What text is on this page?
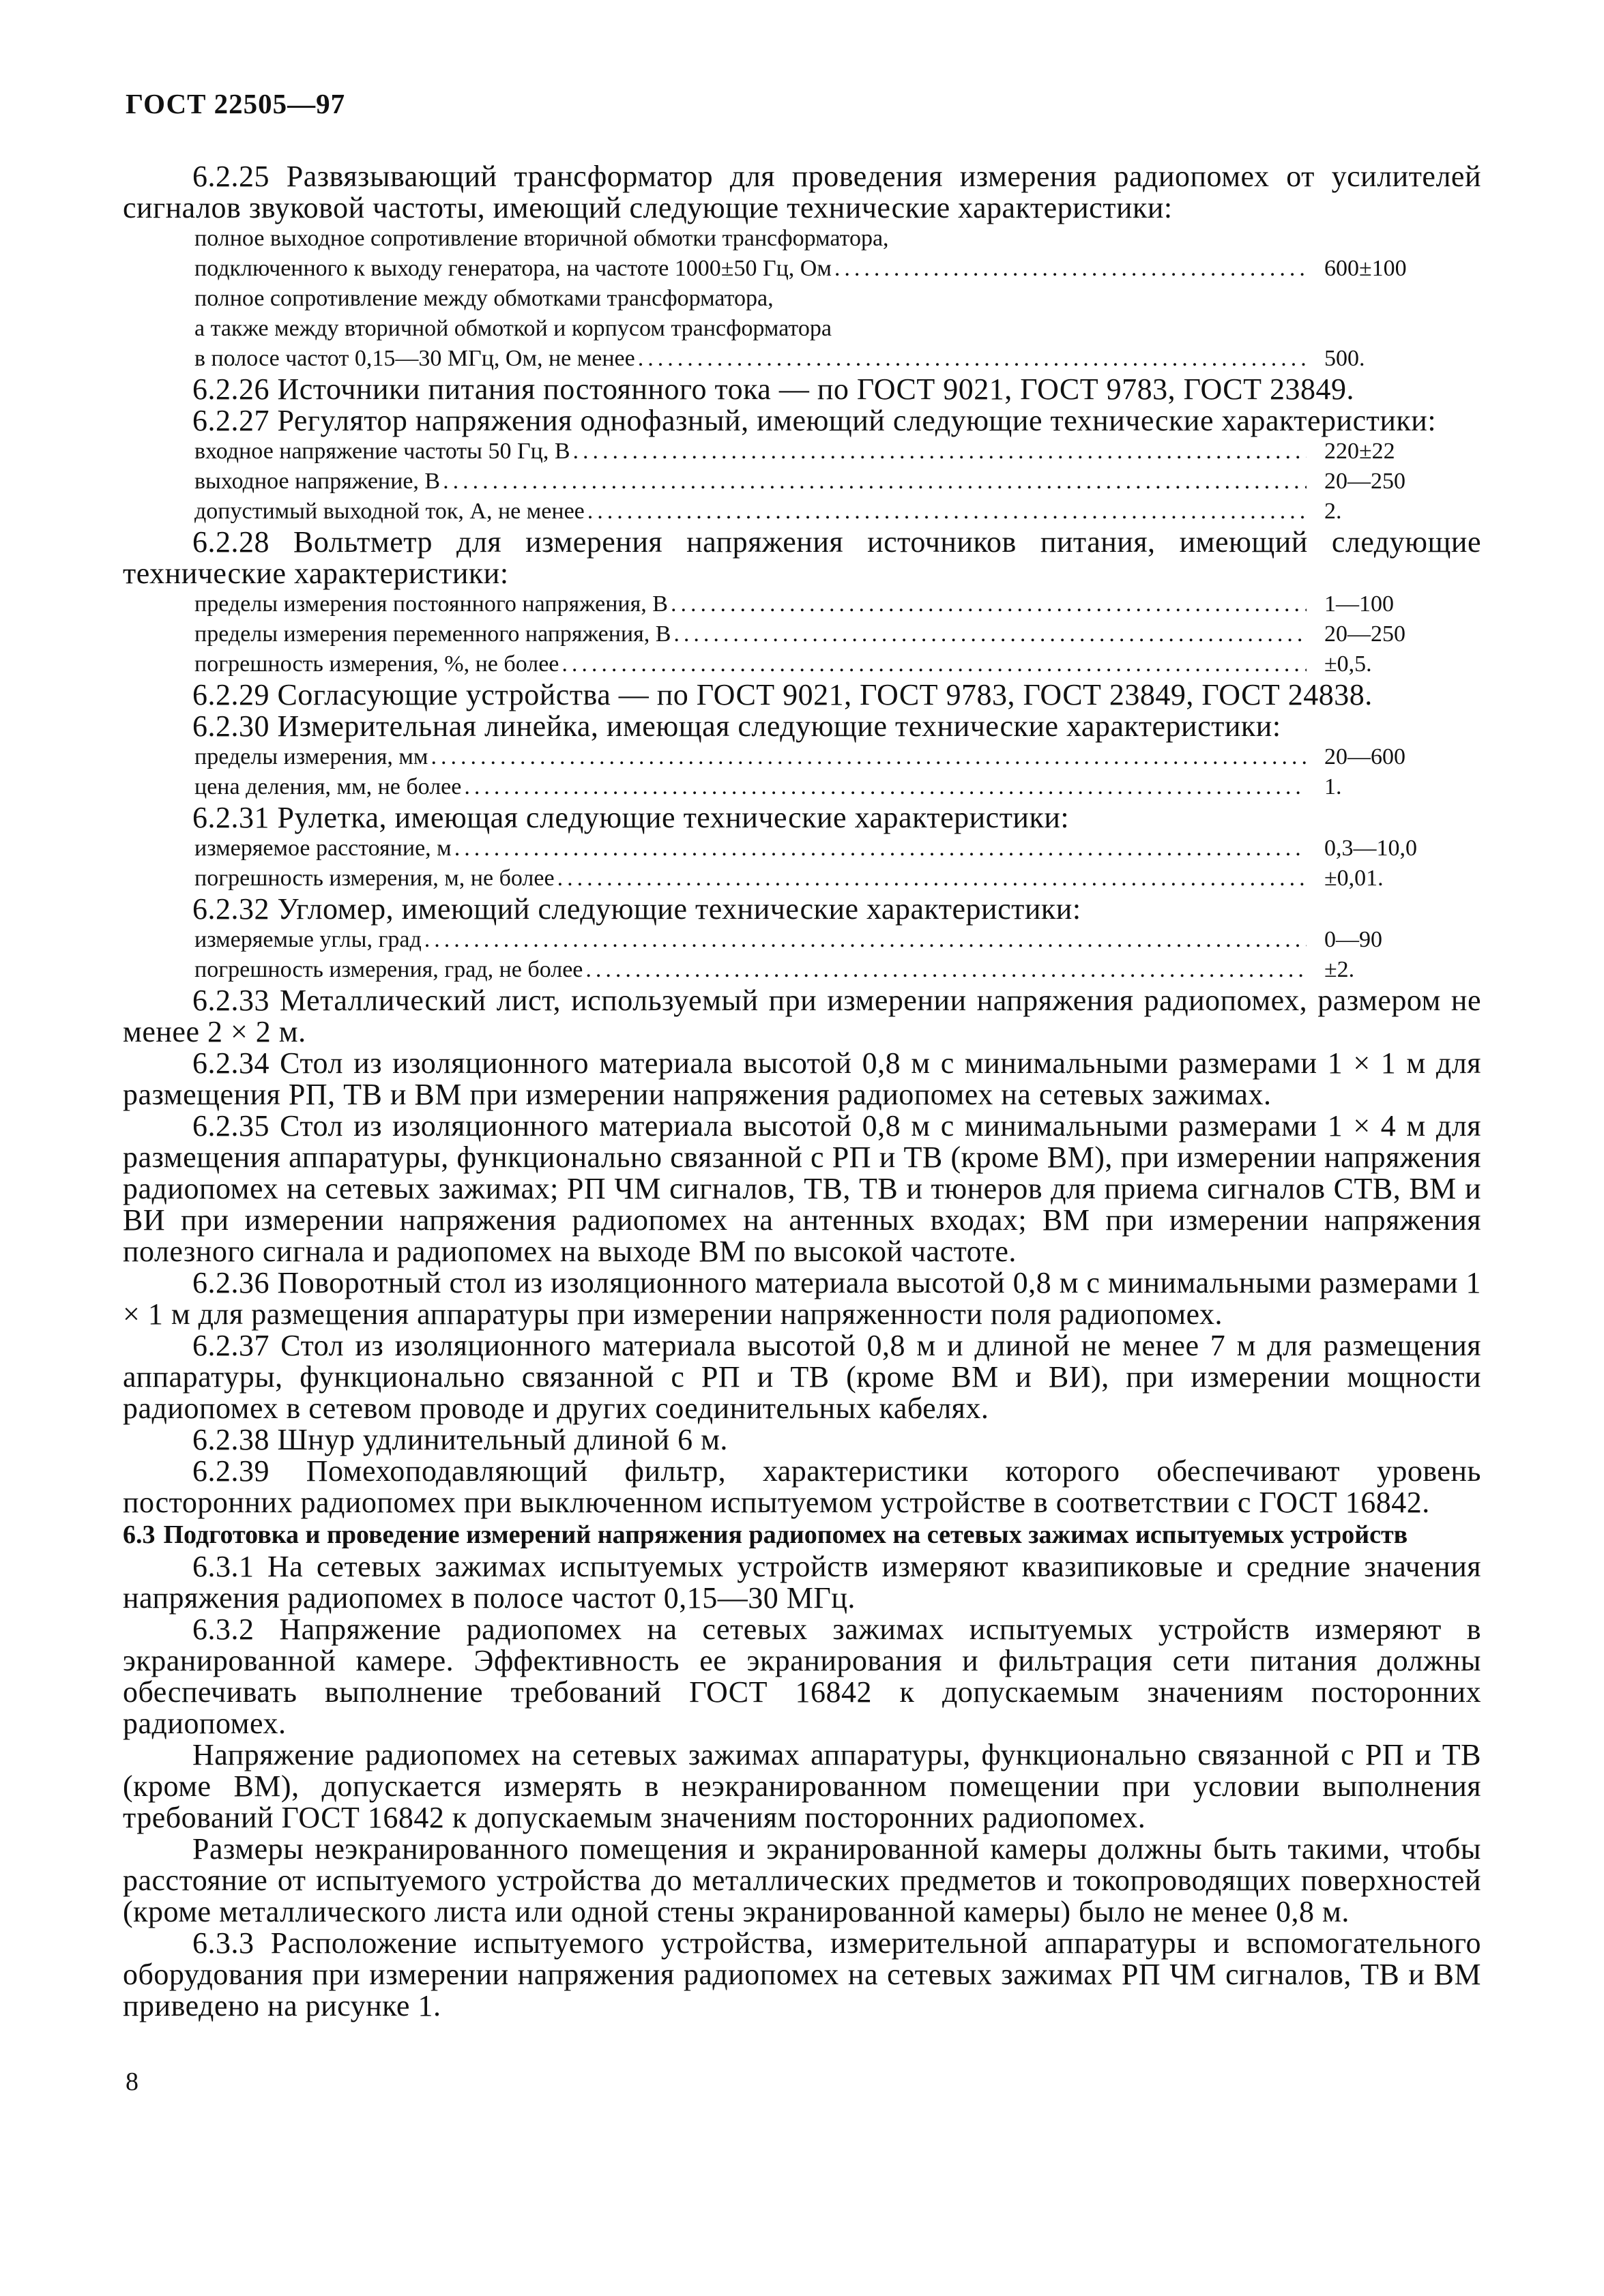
ГОСТ 22505—97

6.2.25 Развязывающий трансформатор для проведения измерения радиопомех от усилителей сигналов звуковой частоты, имеющий следующие технические характеристики:

полное выходное сопротивление вторичной обмотки трансформатора,
подключенного к выходу генератора, на частоте 1000±50 Гц, Ом .....	600±100
полное сопротивление между обмотками трансформатора,
а также между вторичной обмоткой и корпусом трансформатора
в полосе частот 0,15—30 МГц, Ом, не менее .....	500.

6.2.26 Источники питания постоянного тока — по ГОСТ 9021, ГОСТ 9783, ГОСТ 23849.

6.2.27 Регулятор напряжения однофазный, имеющий следующие технические характеристики:

входное напряжение частоты 50 Гц, В .....	220±22
выходное напряжение, В .....	20—250
допустимый выходной ток, А, не менее .....	2.

6.2.28 Вольтметр для измерения напряжения источников питания, имеющий следующие технические характеристики:

пределы измерения постоянного напряжения, В .....	1—100
пределы измерения переменного напряжения, В .....	20—250
погрешность измерения, %, не более .....	±0,5.

6.2.29 Согласующие устройства — по ГОСТ 9021, ГОСТ 9783, ГОСТ 23849, ГОСТ 24838.

6.2.30 Измерительная линейка, имеющая следующие технические характеристики:

пределы измерения, мм .....	20—600
цена деления, мм, не более .....	1.

6.2.31 Рулетка, имеющая следующие технические характеристики:

измеряемое расстояние, м .....	0,3—10,0
погрешность измерения, м, не более .....	±0,01.

6.2.32 Угломер, имеющий следующие технические характеристики:

измеряемые углы, град .....	0—90
погрешность измерения, град, не более .....	±2.

6.2.33 Металлический лист, используемый при измерении напряжения радиопомех, размером не менее 2 × 2 м.

6.2.34 Стол из изоляционного материала высотой 0,8 м с минимальными размерами 1 × 1 м для размещения РП, ТВ и ВМ при измерении напряжения радиопомех на сетевых зажимах.

6.2.35 Стол из изоляционного материала высотой 0,8 м с минимальными размерами 1 × 4 м для размещения аппаратуры, функционально связанной с РП и ТВ (кроме ВМ), при измерении напряжения радиопомех на сетевых зажимах; РП ЧМ сигналов, ТВ, ТВ и тюнеров для приема сигналов СТВ, ВМ и ВИ при измерении напряжения радиопомех на антенных входах; ВМ при измерении напряжения полезного сигнала и радиопомех на выходе ВМ по высокой частоте.

6.2.36 Поворотный стол из изоляционного материала высотой 0,8 м с минимальными размерами 1 × 1 м для размещения аппаратуры при измерении напряженности поля радиопомех.

6.2.37 Стол из изоляционного материала высотой 0,8 м и длиной не менее 7 м для размещения аппаратуры, функционально связанной с РП и ТВ (кроме ВМ и ВИ), при измерении мощности радиопомех в сетевом проводе и других соединительных кабелях.

6.2.38 Шнур удлинительный длиной 6 м.

6.2.39 Помехоподавляющий фильтр, характеристики которого обеспечивают уровень посторонних радиопомех при выключенном испытуемом устройстве в соответствии с ГОСТ 16842.

6.3 Подготовка и проведение измерений напряжения радиопомех на сетевых зажимах испытуемых устройств

6.3.1 На сетевых зажимах испытуемых устройств измеряют квазипиковые и средние значения напряжения радиопомех в полосе частот 0,15—30 МГц.

6.3.2 Напряжение радиопомех на сетевых зажимах испытуемых устройств измеряют в экранированной камере. Эффективность ее экранирования и фильтрация сети питания должны обеспечивать выполнение требований ГОСТ 16842 к допускаемым значениям посторонних радиопомех.

Напряжение радиопомех на сетевых зажимах аппаратуры, функционально связанной с РП и ТВ (кроме ВМ), допускается измерять в неэкранированном помещении при условии выполнения требований ГОСТ 16842 к допускаемым значениям посторонних радиопомех.

Размеры неэкранированного помещения и экранированной камеры должны быть такими, чтобы расстояние от испытуемого устройства до металлических предметов и токопроводящих поверхностей (кроме металлического листа или одной стены экранированной камеры) было не менее 0,8 м.

6.3.3 Расположение испытуемого устройства, измерительной аппаратуры и вспомогательного оборудования при измерении напряжения радиопомех на сетевых зажимах РП ЧМ сигналов, ТВ и ВМ приведено на рисунке 1.

8
